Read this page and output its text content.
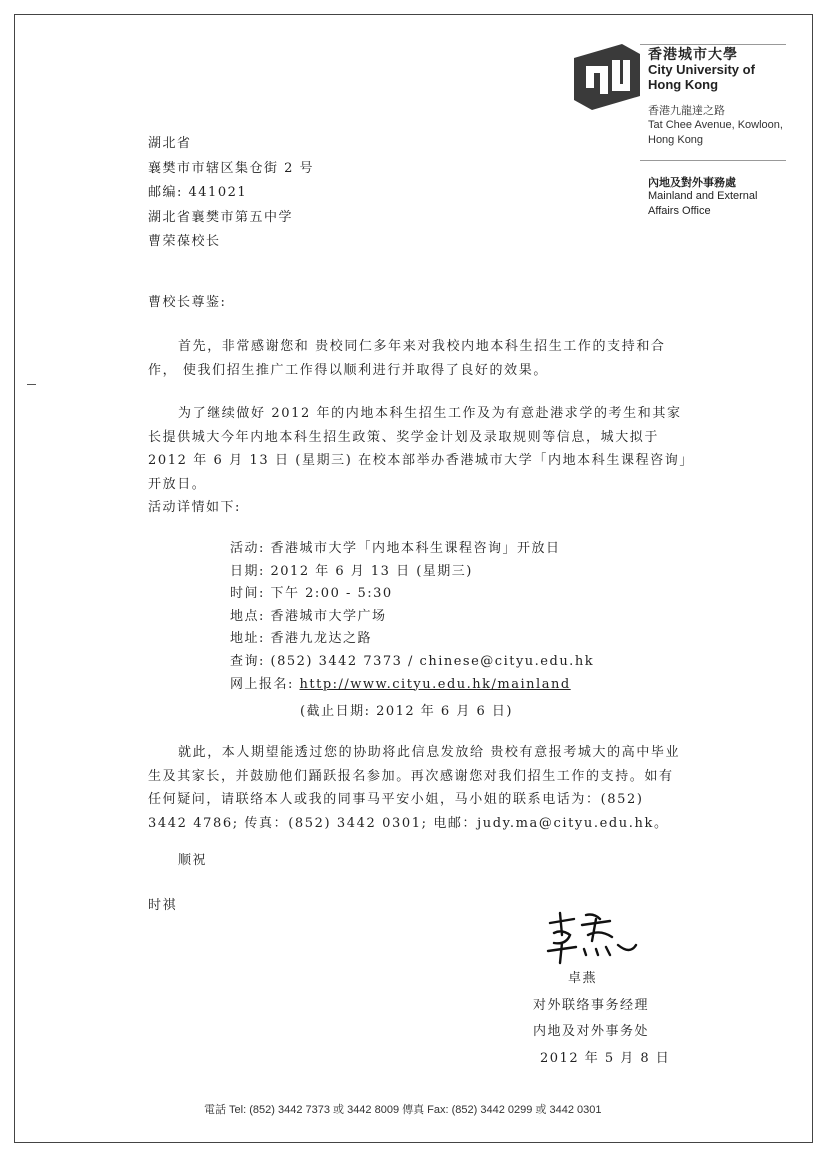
香港城市大學
City University of Hong Kong
香港九龍達之路
Tat Chee Avenue, Kowloon, Hong Kong
內地及對外事務處
Mainland and External Affairs Office
湖北省
襄樊市市辖区集仓街 2 号
邮编: 441021
湖北省襄樊市第五中学
曹荣葆校长
曹校长尊鉴:
首先，非常感谢您和 贵校同仁多年来对我校内地本科生招生工作的支持和合作， 使我们招生推广工作得以顺利进行并取得了良好的效果。
为了继续做好 2012 年的内地本科生招生工作及为有意赴港求学的考生和其家长提供城大今年内地本科生招生政策、奖学金计划及录取规则等信息，城大拟于 2012 年 6 月 13 日 (星期三) 在校本部举办香港城市大学「内地本科生课程咨询」开放日。
活动详情如下:
活动: 香港城市大学「内地本科生课程咨询」开放日
日期: 2012 年 6 月 13 日 (星期三)
时间: 下午 2:00 - 5:30
地点: 香港城市大学广场
地址: 香港九龙达之路
查询: (852) 3442 7373 / chinese@cityu.edu.hk
网上报名: http://www.cityu.edu.hk/mainland
(截止日期: 2012 年 6 月 6 日)
就此，本人期望能透过您的协助将此信息发放给 贵校有意报考城大的高中毕业生及其家长，并鼓励他们踊跃报名参加。再次感谢您对我们招生工作的支持。如有任何疑问，请联络本人或我的同事马平安小姐，马小姐的联系电话为：(852) 3442 4786; 传真：(852) 3442 0301; 电邮：judy.ma@cityu.edu.hk。
顺祝
时祺
卓燕
对外联络事务经理
内地及对外事务处
2012 年 5 月 8 日
電話 Tel: (852) 3442 7373 或 3442 8009 傳真 Fax: (852) 3442 0299 或 3442 0301
